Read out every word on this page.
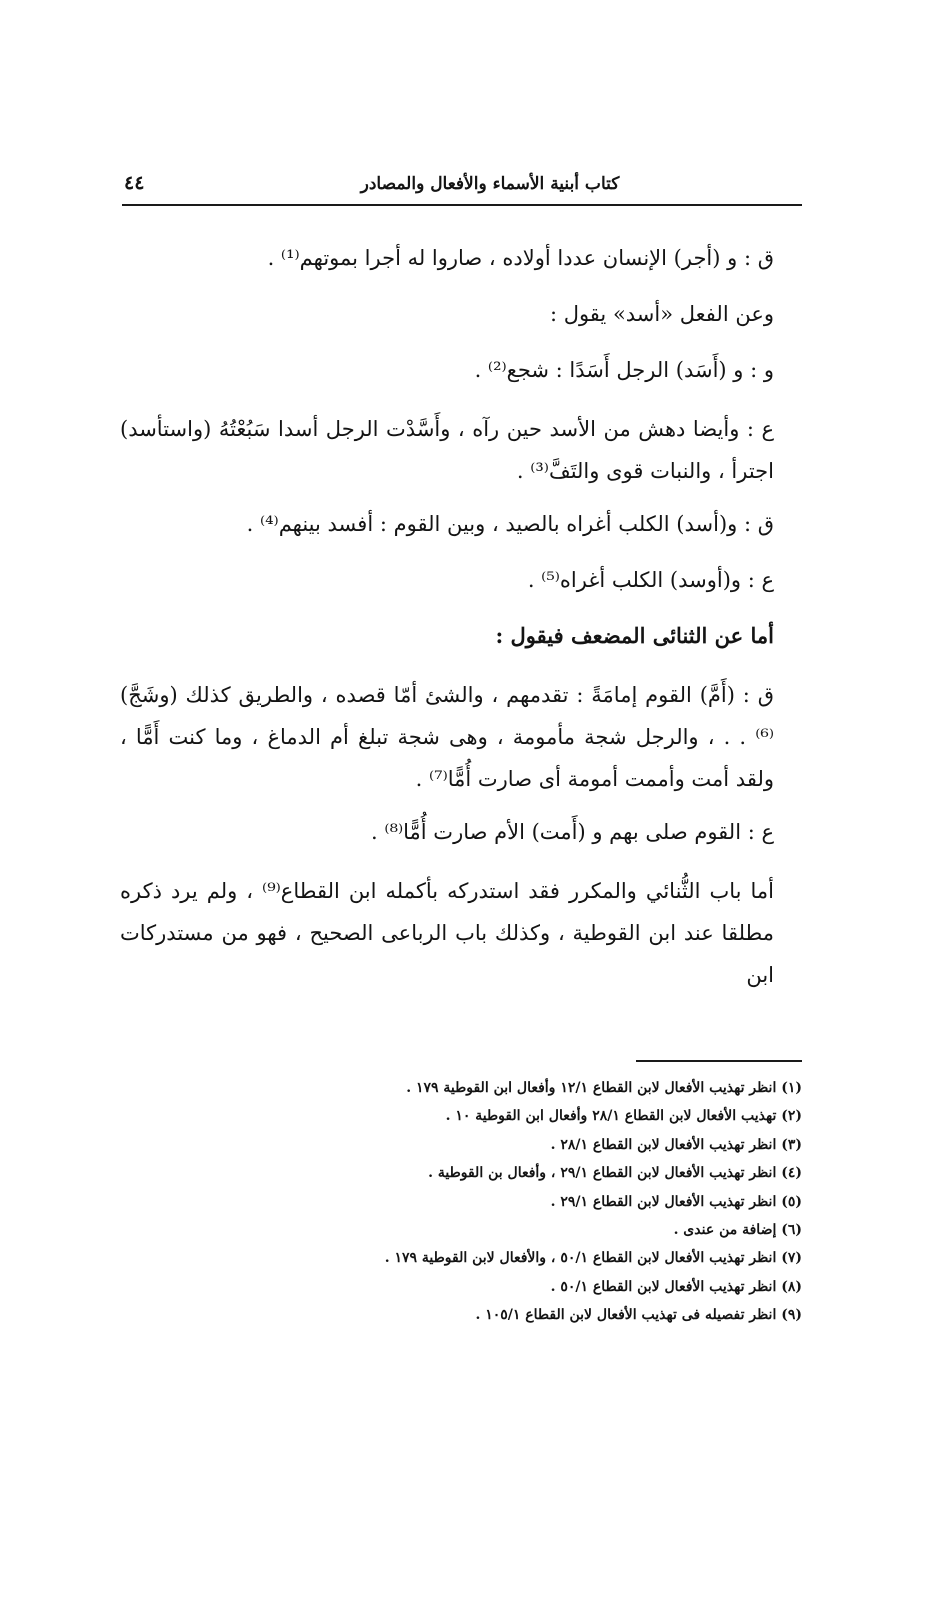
٤٤	كتاب أبنية الأسماء والأفعال والمصادر

ق : و (أجر) الإنسان عددا أولاده ، صاروا له أجرا بموتهم⁽¹⁾ .

وعن الفعل «أسد» يقول :

و : و (أَسَد) الرجل أَسَدًا : شجع⁽²⁾ .

ع : وأيضا دهش من الأسد حين رآه ، وأَسَّدْت الرجل أسدا سَبُعْتُهُ (واستأسد) اجترأ ، والنبات قوى والتَفَّ⁽³⁾ .

ق : و(أسد) الكلب أغراه بالصيد ، وبين القوم : أفسد بينهم⁽⁴⁾ .

ع : و(أوسد) الكلب أغراه⁽⁵⁾ .

أما عن الثنائى المضعف فيقول :

ق : (أَمَّ) القوم إمامَةً : تقدمهم ، والشئ أمّا قصده ، والطريق كذلك (وشَجَّ)⁽⁶⁾ . . ، والرجل شجة مأمومة ، وهى شجة تبلغ أم الدماغ ، وما كنت أَمًّا ، ولقد أمت وأممت أمومة أى صارت أُمًّا⁽⁷⁾ .

ع : القوم صلى بهم و (أَمت) الأم صارت أُمًّا⁽⁸⁾ .

أما باب الثُّنائي والمكرر فقد استدركه بأكمله ابن القطاع⁽⁹⁾ ، ولم يرد ذكره مطلقا عند ابن القوطية ، وكذلك باب الرباعى الصحيح ، فهو من مستدركات ابن

(١) انظر تهذيب الأفعال لابن القطاع ١٢/١ وأفعال ابن القوطية ١٧٩ .
(٢) تهذيب الأفعال لابن القطاع ٢٨/١ وأفعال ابن القوطية ١٠ .
(٣) انظر تهذيب الأفعال لابن القطاع ٢٨/١ .
(٤) انظر تهذيب الأفعال لابن القطاع ٢٩/١ ، وأفعال بن القوطية .
(٥) انظر تهذيب الأفعال لابن القطاع ٢٩/١ .
(٦) إضافة من عندى .
(٧) انظر تهذيب الأفعال لابن القطاع ٥٠/١ ، والأفعال لابن القوطية ١٧٩ .
(٨) انظر تهذيب الأفعال لابن القطاع ٥٠/١ .
(٩) انظر تفصيله فى تهذيب الأفعال لابن القطاع ١٠٥/١ .
